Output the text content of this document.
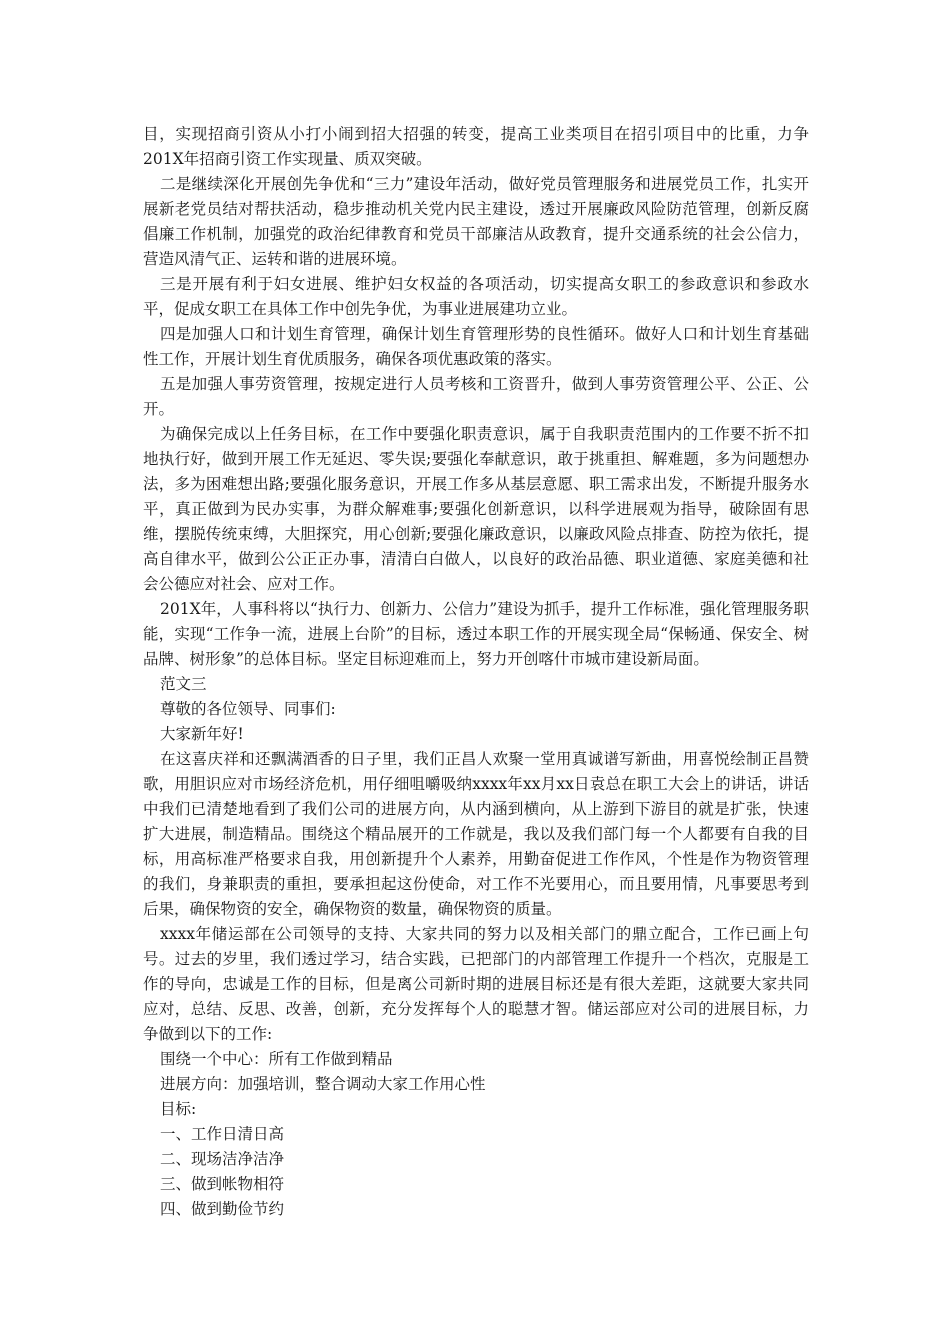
目，实现招商引资从小打小闹到招大招强的转变，提高工业类项目在招引项目中的比重，力争201X年招商引资工作实现量、质双突破。

二是继续深化开展创先争优和“三力”建设年活动，做好党员管理服务和进展党员工作，扎实开展新老党员结对帮扶活动，稳步推动机关党内民主建设，透过开展廉政风险防范管理，创新反腐倡廉工作机制，加强党的政治纪律教育和党员干部廉洁从政教育，提升交通系统的社会公信力，营造风清气正、运转和谐的进展环境。

三是开展有利于妇女进展、维护妇女权益的各项活动，切实提高女职工的参政意识和参政水平，促成女职工在具体工作中创先争优，为事业进展建功立业。

四是加强人口和计划生育管理，确保计划生育管理形势的良性循环。做好人口和计划生育基础性工作，开展计划生育优质服务，确保各项优惠政策的落实。

五是加强人事劳资管理，按规定进行人员考核和工资晋升，做到人事劳资管理公平、公正、公开。

为确保完成以上任务目标，在工作中要强化职责意识，属于自我职责范围内的工作要不折不扣地执行好，做到开展工作无延迟、零失误;要强化奉献意识，敢于挑重担、解难题，多为问题想办法，多为困难想出路;要强化服务意识，开展工作多从基层意愿、职工需求出发，不断提升服务水平，真正做到为民办实事，为群众解难事;要强化创新意识，以科学进展观为指导，破除固有思维，摆脱传统束缚，大胆探究，用心创新;要强化廉政意识，以廉政风险点排查、防控为依托，提高自律水平，做到公公正正办事，清清白白做人，以良好的政治品德、职业道德、家庭美德和社会公德应对社会、应对工作。

201X年，人事科将以“执行力、创新力、公信力”建设为抓手，提升工作标准，强化管理服务职能，实现“工作争一流，进展上台阶”的目标，透过本职工作的开展实现全局“保畅通、保安全、树品牌、树形象”的总体目标。坚定目标迎难而上，努力开创喀什市城市建设新局面。

范文三

尊敬的各位领导、同事们:

大家新年好!

在这喜庆祥和还飘满酒香的日子里，我们正昌人欢聚一堂用真诚谱写新曲，用喜悦绘制正昌赞歌，用胆识应对市场经济危机，用仔细咀嚼吸纳xxxx年xx月xx日袁总在职工大会上的讲话，讲话中我们已清楚地看到了我们公司的进展方向，从内涵到横向，从上游到下游目的就是扩张，快速扩大进展，制造精品。围绕这个精品展开的工作就是，我以及我们部门每一个人都要有自我的目标，用高标准严格要求自我，用创新提升个人素养，用勤奋促进工作作风，个性是作为物资管理的我们，身兼职责的重担，要承担起这份使命，对工作不光要用心，而且要用情，凡事要思考到后果，确保物资的安全，确保物资的数量，确保物资的质量。

xxxx年储运部在公司领导的支持、大家共同的努力以及相关部门的鼎立配合，工作已画上句号。过去的岁里，我们透过学习，结合实践，已把部门的内部管理工作提升一个档次，克服是工作的导向，忠诚是工作的目标，但是离公司新时期的进展目标还是有很大差距，这就要大家共同应对，总结、反思、改善，创新，充分发挥每个人的聪慧才智。储运部应对公司的进展目标，力争做到以下的工作:

围绕一个中心：所有工作做到精品

进展方向：加强培训，整合调动大家工作用心性

目标:

一、工作日清日高

二、现场洁净洁净

三、做到帐物相符

四、做到勤俭节约
